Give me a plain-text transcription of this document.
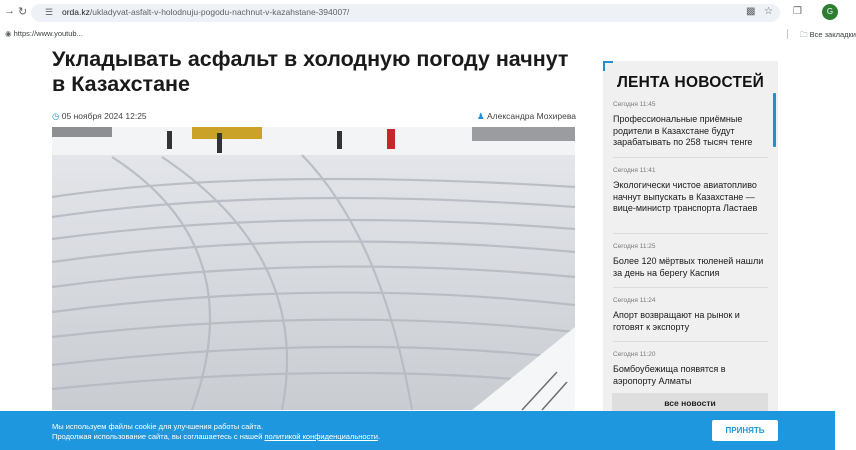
→ ↻ ☰ orda.kz/ukladyvat-asfalt-v-holodnuju-pogodu-nachnut-v-kazahstane-394007/	▩ ☆ ❐	G
◉ https://www.youtub...	🗀 Все закладки
Укладывать асфальт в холодную погоду начнут в Казахстане
◷ 05 ноября 2024 12:25	♟ Александра Мохирева
ЛЕНТА НОВОСТЕЙ
Сегодня 11:45
Профессиональные приёмные родители в Казахстане будут зарабатывать по 258 тысяч тенге
Сегодня 11:41
Экологически чистое авиатопливо начнут выпускать в Казахстане — вице-министр транспорта Ластаев
Сегодня 11:25
Более 120 мёртвых тюленей нашли за день на берегу Каспия
Сегодня 11:24
Апорт возвращают на рынок и готовят к экспорту
Сегодня 11:20
Бомбоубежища появятся в аэропорту Алматы
все новости
Мы используем файлы cookie для улучшения работы сайта.
Продолжая использование сайта, вы соглашаетесь с нашей политикой конфиденциальности.
ПРИНЯТЬ
